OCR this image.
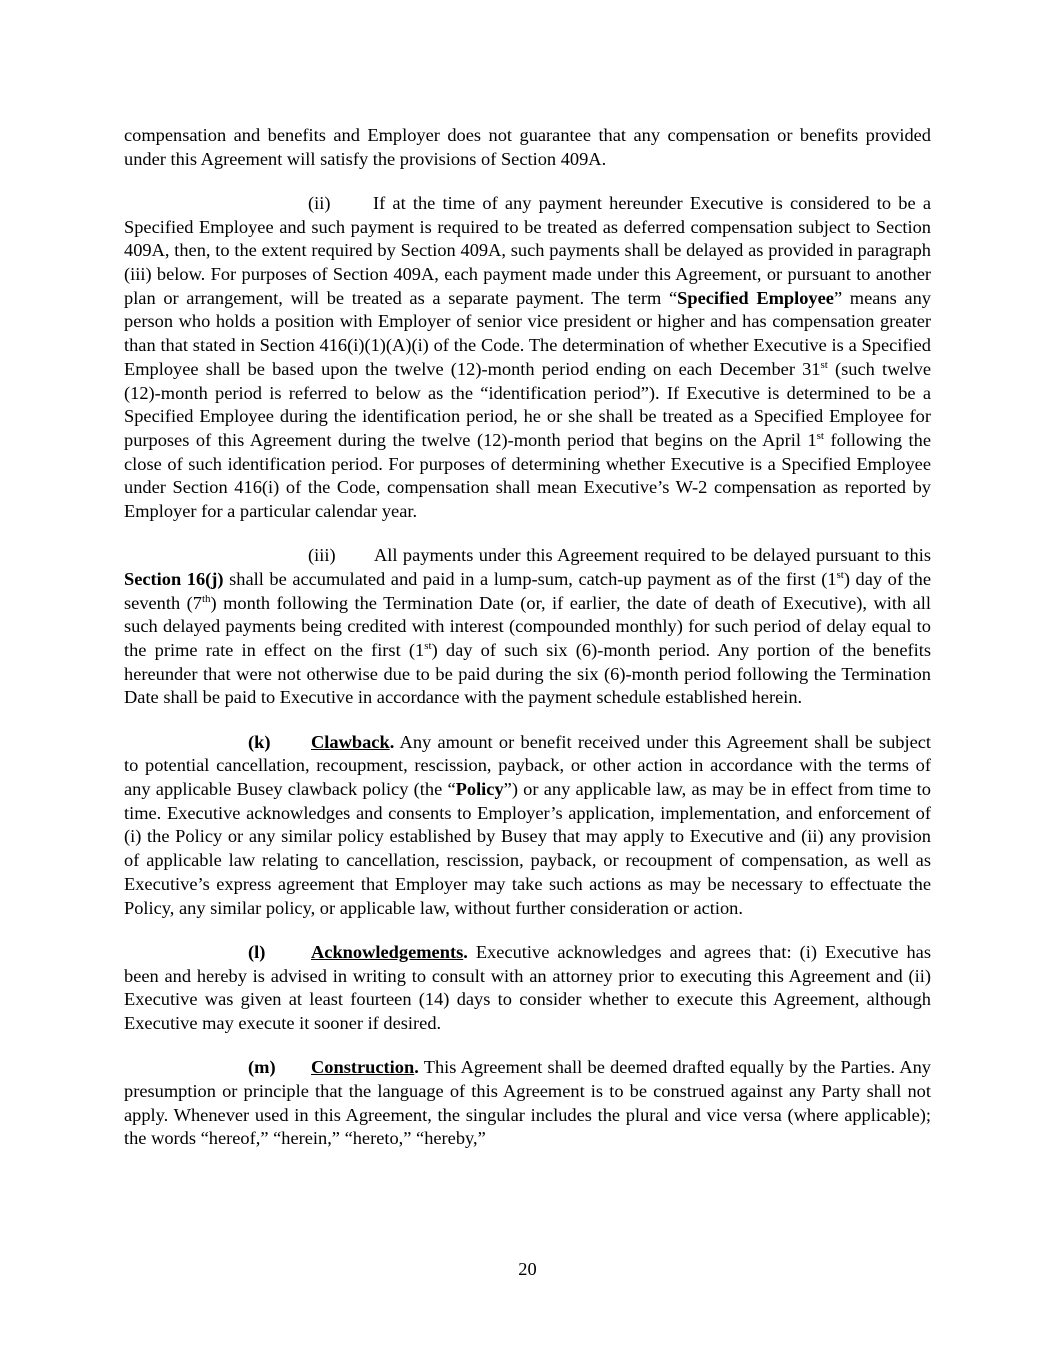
compensation and benefits and Employer does not guarantee that any compensation or benefits provided under this Agreement will satisfy the provisions of Section 409A.

(ii) If at the time of any payment hereunder Executive is considered to be a Specified Employee and such payment is required to be treated as deferred compensation subject to Section 409A, then, to the extent required by Section 409A, such payments shall be delayed as provided in paragraph (iii) below. For purposes of Section 409A, each payment made under this Agreement, or pursuant to another plan or arrangement, will be treated as a separate payment. The term “Specified Employee” means any person who holds a position with Employer of senior vice president or higher and has compensation greater than that stated in Section 416(i)(1)(A)(i) of the Code. The determination of whether Executive is a Specified Employee shall be based upon the twelve (12)-month period ending on each December 31st (such twelve (12)-month period is referred to below as the “identification period”). If Executive is determined to be a Specified Employee during the identification period, he or she shall be treated as a Specified Employee for purposes of this Agreement during the twelve (12)-month period that begins on the April 1st following the close of such identification period. For purposes of determining whether Executive is a Specified Employee under Section 416(i) of the Code, compensation shall mean Executive’s W-2 compensation as reported by Employer for a particular calendar year.

(iii) All payments under this Agreement required to be delayed pursuant to this Section 16(j) shall be accumulated and paid in a lump-sum, catch-up payment as of the first (1st) day of the seventh (7th) month following the Termination Date (or, if earlier, the date of death of Executive), with all such delayed payments being credited with interest (compounded monthly) for such period of delay equal to the prime rate in effect on the first (1st) day of such six (6)-month period. Any portion of the benefits hereunder that were not otherwise due to be paid during the six (6)-month period following the Termination Date shall be paid to Executive in accordance with the payment schedule established herein.

(k) Clawback. Any amount or benefit received under this Agreement shall be subject to potential cancellation, recoupment, rescission, payback, or other action in accordance with the terms of any applicable Busey clawback policy (the “Policy”) or any applicable law, as may be in effect from time to time. Executive acknowledges and consents to Employer’s application, implementation, and enforcement of (i) the Policy or any similar policy established by Busey that may apply to Executive and (ii) any provision of applicable law relating to cancellation, rescission, payback, or recoupment of compensation, as well as Executive’s express agreement that Employer may take such actions as may be necessary to effectuate the Policy, any similar policy, or applicable law, without further consideration or action.

(l) Acknowledgements. Executive acknowledges and agrees that: (i) Executive has been and hereby is advised in writing to consult with an attorney prior to executing this Agreement and (ii) Executive was given at least fourteen (14) days to consider whether to execute this Agreement, although Executive may execute it sooner if desired.

(m) Construction. This Agreement shall be deemed drafted equally by the Parties. Any presumption or principle that the language of this Agreement is to be construed against any Party shall not apply. Whenever used in this Agreement, the singular includes the plural and vice versa (where applicable); the words “hereof,” “herein,” “hereto,” “hereby,”

20
